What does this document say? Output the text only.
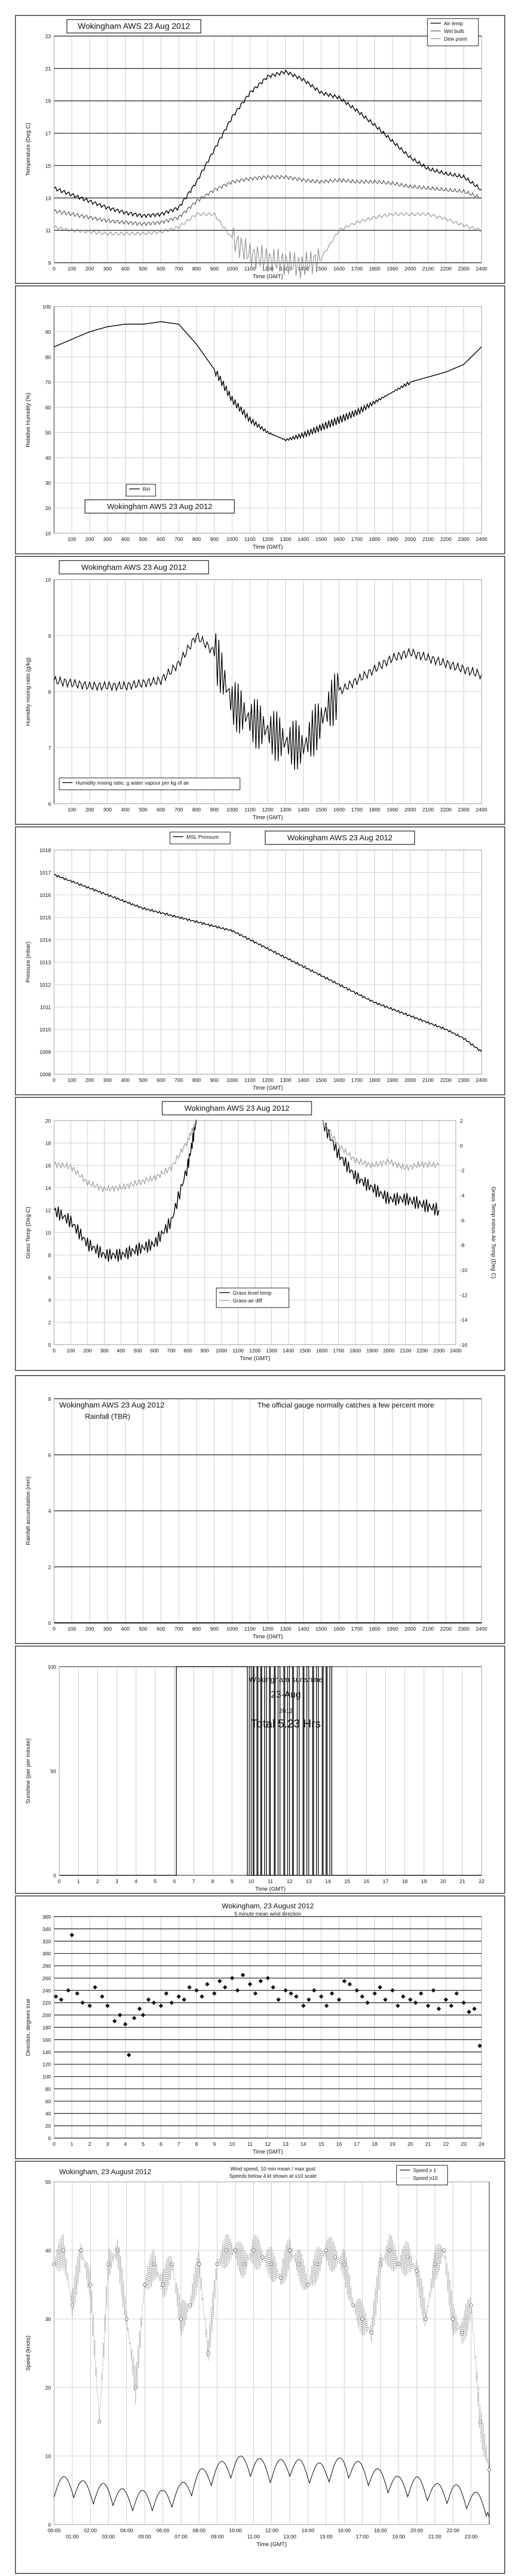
0 100 200 300 400 500 600 700 800 900 1000 1100 1200 1300 1400 1500 1600 1700 1800 1900 2000 2100 2200 2300 2400
9
11
13
15
17
19
21
23
Time (GMT)
Temperature (Deg C)
Wokingham AWS 23 Aug 2012	Air temp
Wet bulb
Dew point
100 200 300 400 500 600 700 800 900 1000 1100 1200 1300 1400 1500 1600 1700 1800 1900 2000 2100 2200 2300 2400
10
20
30
40
50
60
70
80
90
100
Time (GMT)
Relative Humidity (%)
RH
Wokingham AWS 23 Aug 2012
100 200 300 400 500 600 700 800 900 1000 1100 1200 1300 1400 1500 1600 1700 1800 1900 2000 2100 2200 2300 2400
6
7
8
9
10
Time (GMT)
Humidity mixing ratio (g/kg)
Wokingham AWS 23 Aug 2012
Humidity mixing ratio, g water vapour per kg of air
0 100 200 300 400 500 600 700 800 900 1000 1100 1200 1300 1400 1500 1600 1700 1800 1900 2000 2100 2200 2300 2400
1008
1009
1010
1011
1012
1013
1014
1015
1016
1017
1018
Time (GMT)
Pressure (mbar)
MSL Pressure	Wokingham AWS 23 Aug 2012
0 100 200 300 400 500 600 700 800 900 1000 1100 1200 1300 1400 1500 1600 1700 1800 1900 2000 2100 2200 2300 2400
0
2
4
6
8
10
12
14
16
18
20
Time (GMT)
Grass Temp (Deg C)
2
0
-2
-4
-6
-8
-10
-12
-14
-16
Grass Temp minus Air Temp (Deg C)
Wokingham AWS 23 Aug 2012
Grass level temp
Grass-air diff
0 100 200 300 400 500 600 700 800 900 1000 1100 1200 1300 1400 1500 1600 1700 1800 1900 2000 2100 2200 2300 2400
0
2
4
6
8
Time (GMT)
Rainfall accumulation (mm)
Wokingham AWS 23 Aug 2012
Rainfall (TBR)
The official gauge normally catches a few percent more
0	1	2	3	4	5	6	7	8	9	10	11	12	13	14	15	16	17	18	19	20	21	22
0
50
100
Time (GMT)
Sunshine (per per minute)
Wokingham sunshine
23-Aug
2012
Total 5.23 Hrs
0	1	2	3	4	5	6	7	8	9	10 11 12 13 14 15 16 17 18 19 20 21 22 23 24
0
20
40
60
80
100
120
140
160
180
200
220
240
260
280
300
320
340
360
Time (GMT)
Direction, degrees true
Wokingham, 23 August 2012
5 minute mean wind direction
00:00
01:00
02:00
03:00
04:00
05:00
06:00
07:00
08:00
09:00
10:00
11:00
12:00
13:00
14:00
15:00
16:00
17:00
18:00
19:00
20:00
21:00
22:00
23:00
0
10
20
30
40
50
Time (GMT)
Speed (knots)
Wokingham, 23 August 2012	Wind speed, 10 min mean / max gust
Speeds below 4 kt shown at x10 scale
Speed x 1
Speed x10
